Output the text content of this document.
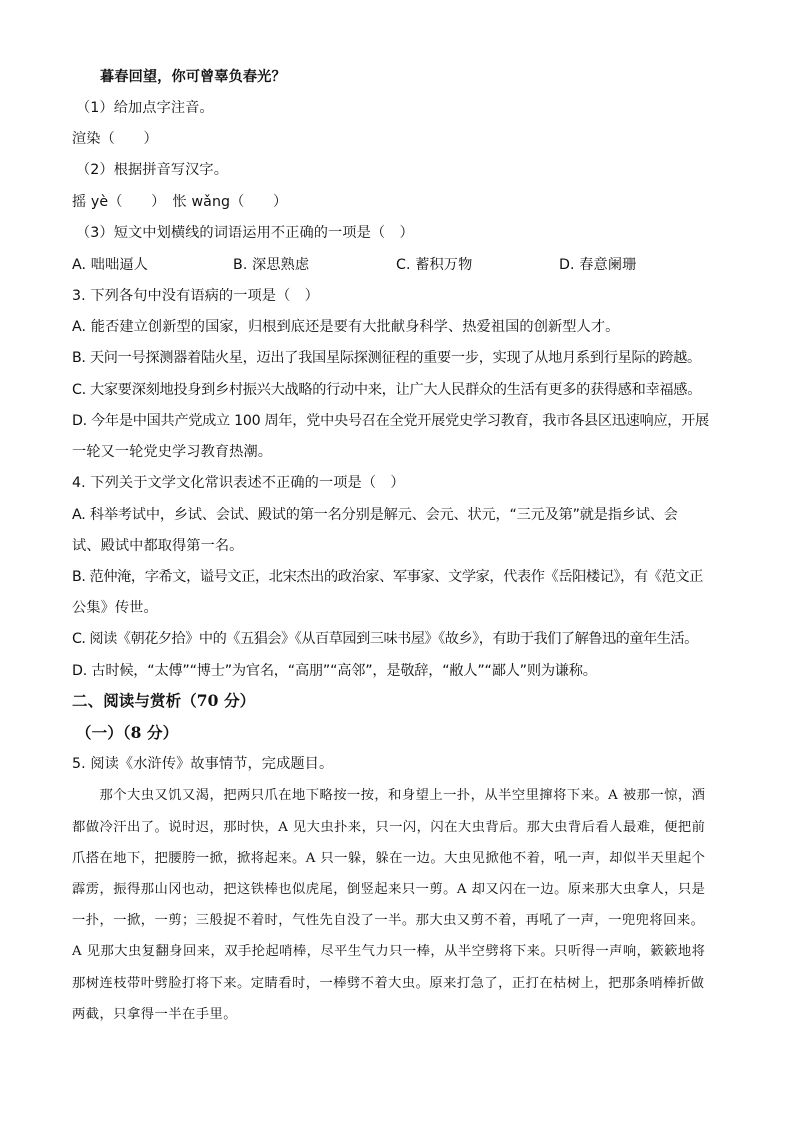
暮春回望，你可曾辜负春光？
（1）给加点字注音。
渲染（　　）
（2）根据拼音写汉字。
摇 yè（　　）　怅 wǎng（　　）
（3）短文中划横线的词语运用不正确的一项是（　）
A. 咄咄逼人	B. 深思熟虑	C. 蓄积万物	D. 春意阑珊
3. 下列各句中没有语病的一项是（　）
A. 能否建立创新型的国家，归根到底还是要有大批献身科学、热爱祖国的创新型人才。
B. 天问一号探测器着陆火星，迈出了我国星际探测征程的重要一步，实现了从地月系到行星际的跨越。
C. 大家要深刻地投身到乡村振兴大战略的行动中来，让广大人民群众的生活有更多的获得感和幸福感。
D. 今年是中国共产党成立 100 周年，党中央号召在全党开展党史学习教育，我市各县区迅速响应，开展
一轮又一轮党史学习教育热潮。
4. 下列关于文学文化常识表述不正确的一项是（　）
A. 科举考试中，乡试、会试、殿试的第一名分别是解元、会元、状元，“三元及第”就是指乡试、会
试、殿试中都取得第一名。
B. 范仲淹，字希文，谥号文正，北宋杰出的政治家、军事家、文学家，代表作《岳阳楼记》，有《范文正
公集》传世。
C. 阅读《朝花夕拾》中的《五猖会》《从百草园到三味书屋》《故乡》，有助于我们了解鲁迅的童年生活。
D. 古时候，“太傅”“博士”为官名，“高朋”“高邻”，是敬辞，“敝人”“鄙人”则为谦称。
二、阅读与赏析（70 分）
（一）（8 分）
5. 阅读《水浒传》故事情节，完成题目。
　　那个大虫又饥又渴，把两只爪在地下略按一按，和身望上一扑，从半空里撺将下来。A 被那一惊，酒
都做冷汗出了。说时迟，那时快，A 见大虫扑来，只一闪，闪在大虫背后。那大虫背后看人最难，便把前
爪搭在地下，把腰胯一掀，掀将起来。A 只一躲，躲在一边。大虫见掀他不着，吼一声，却似半天里起个
霹雳，振得那山冈也动，把这铁棒也似虎尾，倒竖起来只一剪。A 却又闪在一边。原来那大虫拿人，只是
一扑，一掀，一剪；三般捉不着时，气性先自没了一半。那大虫又剪不着，再吼了一声，一兜兜将回来。
A 见那大虫复翻身回来，双手抡起哨棒，尽平生气力只一棒，从半空劈将下来。只听得一声响，簌簌地将
那树连枝带叶劈脸打将下来。定睛看时，一棒劈不着大虫。原来打急了，正打在枯树上，把那条哨棒折做
两截，只拿得一半在手里。
